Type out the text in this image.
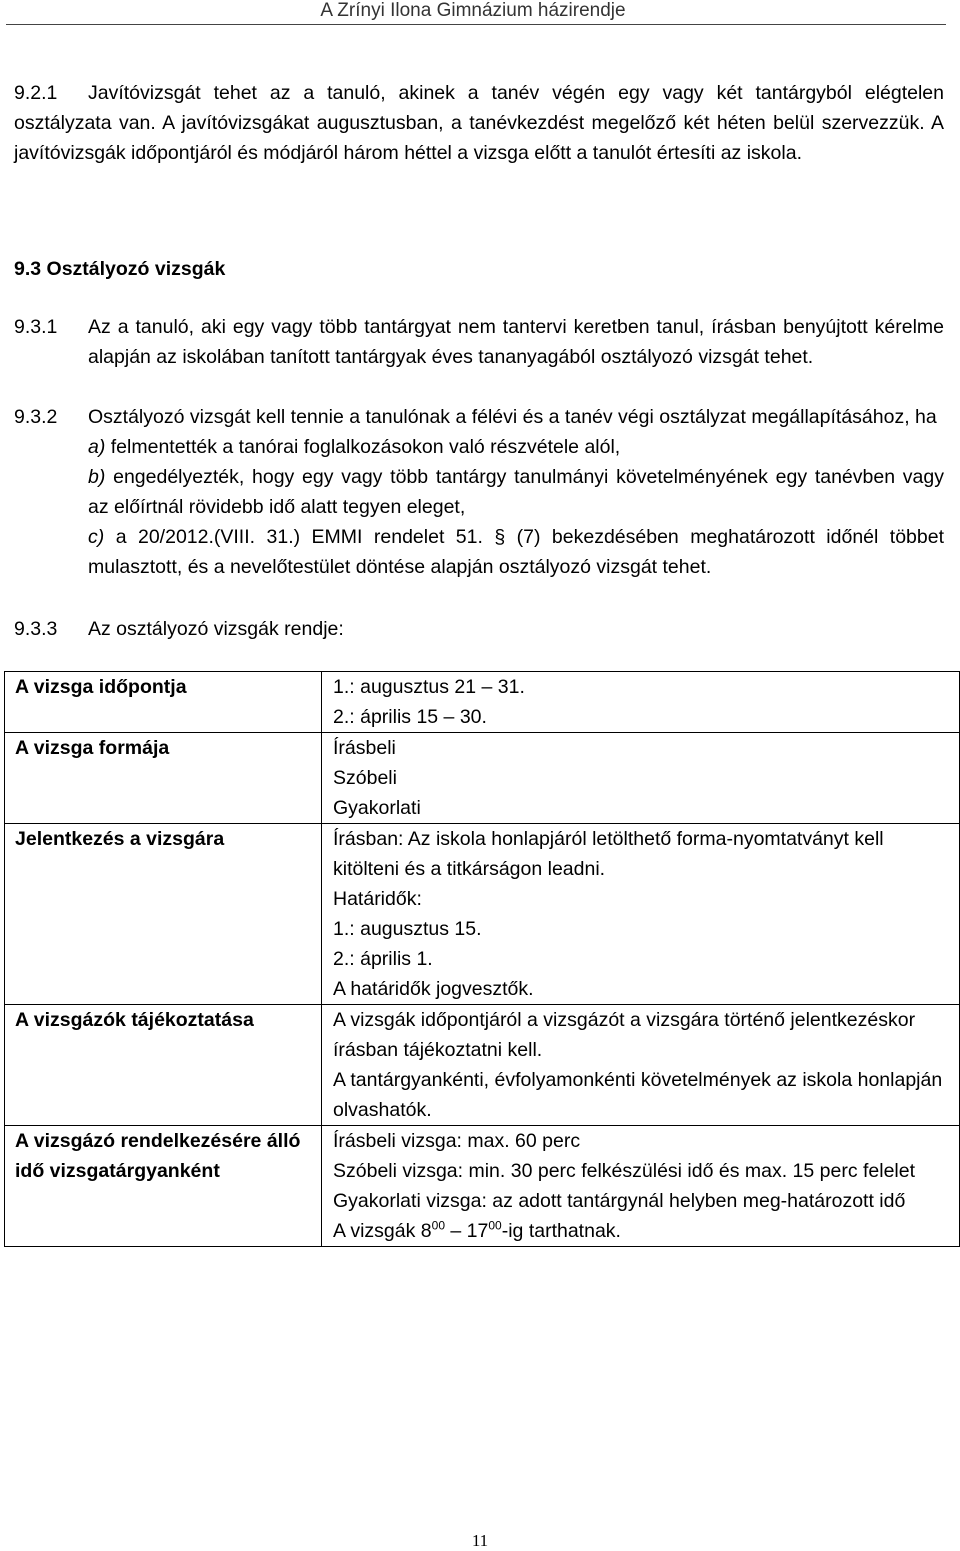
A Zrínyi Ilona Gimnázium házirendje
9.2.1	Javítóvizsgát tehet az a tanuló, akinek a tanév végén egy vagy két tantárgyból elégtelen osztályzata van. A javítóvizsgákat augusztusban, a tanévkezdést megelőző két héten belül szervezzük. A javítóvizsgák időpontjáról és módjáról három héttel a vizsga előtt a tanulót értesíti az iskola.
9.3 Osztályozó vizsgák
9.3.1 Az a tanuló, aki egy vagy több tantárgyat nem tantervi keretben tanul, írásban benyújtott kérelme alapján az iskolában tanított tantárgyak éves tananyagából osztályozó vizsgát tehet.
9.3.2 Osztályozó vizsgát kell tennie a tanulónak a félévi és a tanév végi osztályzat megállapításához, ha
a) felmentették a tanórai foglalkozásokon való részvétele alól,
b) engedélyezték, hogy egy vagy több tantárgy tanulmányi követelményének egy tanévben vagy az előírtnál rövidebb idő alatt tegyen eleget,
c) a 20/2012.(VIII. 31.) EMMI rendelet 51. § (7) bekezdésében meghatározott időnél többet mulasztott, és a nevelőtestület döntése alapján osztályozó vizsgát tehet.
9.3.3 Az osztályozó vizsgák rendje:
A vizsga időpontja	1.: augusztus 21 – 31.
2.: április 15 – 30.

A vizsga formája	Írásbeli
Szóbeli
Gyakorlati

Jelentkezés a vizsgára	Írásban: Az iskola honlapjáról letölthető forma-nyomtatványt kell kitölteni és a titkárságon leadni.
Határidők:
1.: augusztus 15.
2.: április 1.
A határidők jogvesztők.

A vizsgázók tájékoztatása	A vizsgák időpontjáról a vizsgázót a vizsgára történő jelentkezéskor írásban tájékoztatni kell.
A tantárgyankénti, évfolyamonkénti követelmények az iskola honlapján olvashatók.

A vizsgázó rendelkezésére álló idő vizsgatárgyanként	Írásbeli vizsga: max. 60 perc
Szóbeli vizsga: min. 30 perc felkészülési idő és max. 15 perc felelet
Gyakorlati vizsga: az adott tantárgynál helyben meg-határozott idő
A vizsgák $8^{00} - 17^{00}-ig$ tarthatnak.
11
